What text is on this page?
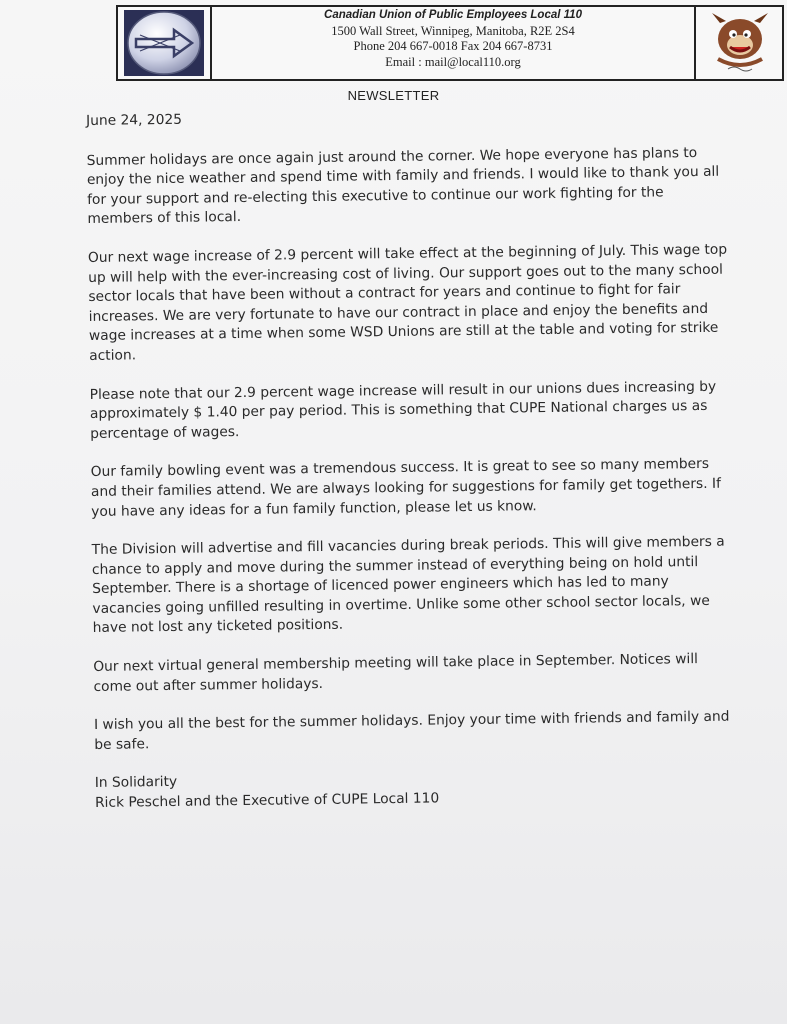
Canadian Union of Public Employees Local 110
1500 Wall Street, Winnipeg, Manitoba, R2E 2S4
Phone 204 667-0018 Fax 204 667-8731
Email : mail@local110.org
NEWSLETTER

June 24, 2025

Summer holidays are once again just around the corner. We hope everyone has plans to enjoy the nice weather and spend time with family and friends. I would like to thank you all for your support and re-electing this executive to continue our work fighting for the members of this local.

Our next wage increase of 2.9 percent will take effect at the beginning of July. This wage top up will help with the ever-increasing cost of living. Our support goes out to the many school sector locals that have been without a contract for years and continue to fight for fair increases. We are very fortunate to have our contract in place and enjoy the benefits and wage increases at a time when some WSD Unions are still at the table and voting for strike action.

Please note that our 2.9 percent wage increase will result in our unions dues increasing by approximately $ 1.40 per pay period. This is something that CUPE National charges us as percentage of wages.

Our family bowling event was a tremendous success. It is great to see so many members and their families attend. We are always looking for suggestions for family get togethers. If you have any ideas for a fun family function, please let us know.

The Division will advertise and fill vacancies during break periods. This will give members a chance to apply and move during the summer instead of everything being on hold until September. There is a shortage of licenced power engineers which has led to many vacancies going unfilled resulting in overtime. Unlike some other school sector locals, we have not lost any ticketed positions.

Our next virtual general membership meeting will take place in September. Notices will come out after summer holidays.

I wish you all the best for the summer holidays. Enjoy your time with friends and family and be safe.

In Solidarity

Rick Peschel and the Executive of CUPE Local 110
